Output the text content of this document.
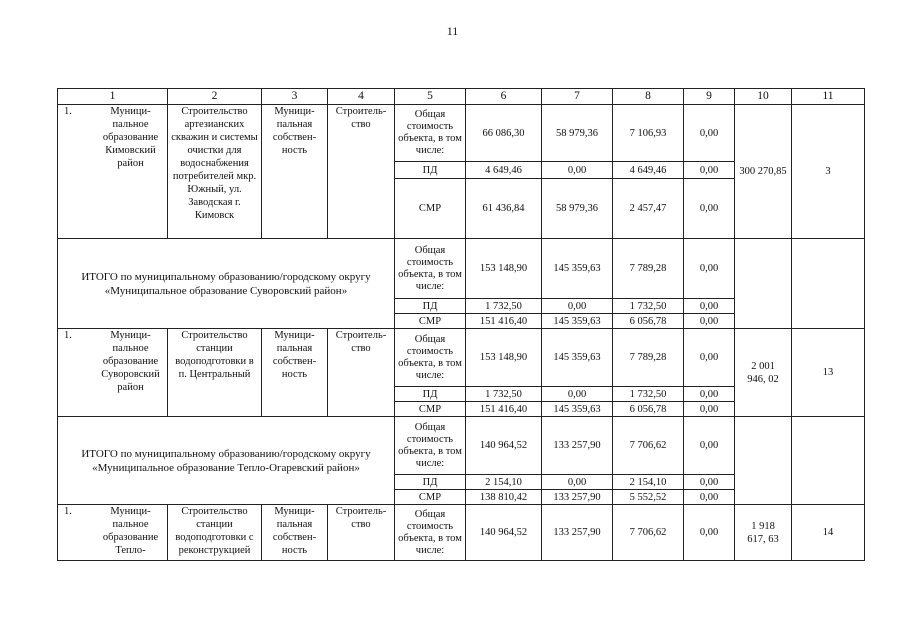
11
1	2	3	4	5	6	7	8	9	10	11

1. Муници-пальное образование Кимовский район	Строительство артезианских скважин и системы очистки для водоснабжения потребителей мкр. Южный, ул. Заводская г. Кимовск	Муници-пальная собствен-ность	Строитель-ство	Общая стоимость объекта, в том числе:	66 086,30	58 979,36	7 106,93	0,00	300 270,85	3
				ПД	4 649,46	0,00	4 649,46	0,00		
				СМР	61 436,84	58 979,36	2 457,47	0,00		
ИТОГО по муниципальному образованию/городскому округу «Муниципальное образование Суворовский район»				Общая стоимость объекта, в том числе:	153 148,90	145 359,63	7 789,28	0,00		
				ПД	1 732,50	0,00	1 732,50	0,00		
				СМР	151 416,40	145 359,63	6 056,78	0,00		

1. Муници-пальное образование Суворовский район	Строительство станции водоподготовки в п. Центральный	Муници-пальная собствен-ность	Строитель-ство	Общая стоимость объекта, в том числе:	153 148,90	145 359,63	7 789,28	0,00	2 001 946, 02	13
				ПД	1 732,50	0,00	1 732,50	0,00		
				СМР	151 416,40	145 359,63	6 056,78	0,00		
ИТОГО по муниципальному образованию/городскому округу «Муниципальное образование Тепло-Огаревский район»				Общая стоимость объекта, в том числе:	140 964,52	133 257,90	7 706,62	0,00		
				ПД	2 154,10	0,00	2 154,10	0,00		
				СМР	138 810,42	133 257,90	5 552,52	0,00		

1. Муници-пальное образование Тепло-	Строительство станции водоподготовки с реконструкцией	Муници-пальная собствен-ность	Строитель-ство	Общая стоимость объекта, в том числе:	140 964,52	133 257,90	7 706,62	0,00	1 918 617, 63	14
